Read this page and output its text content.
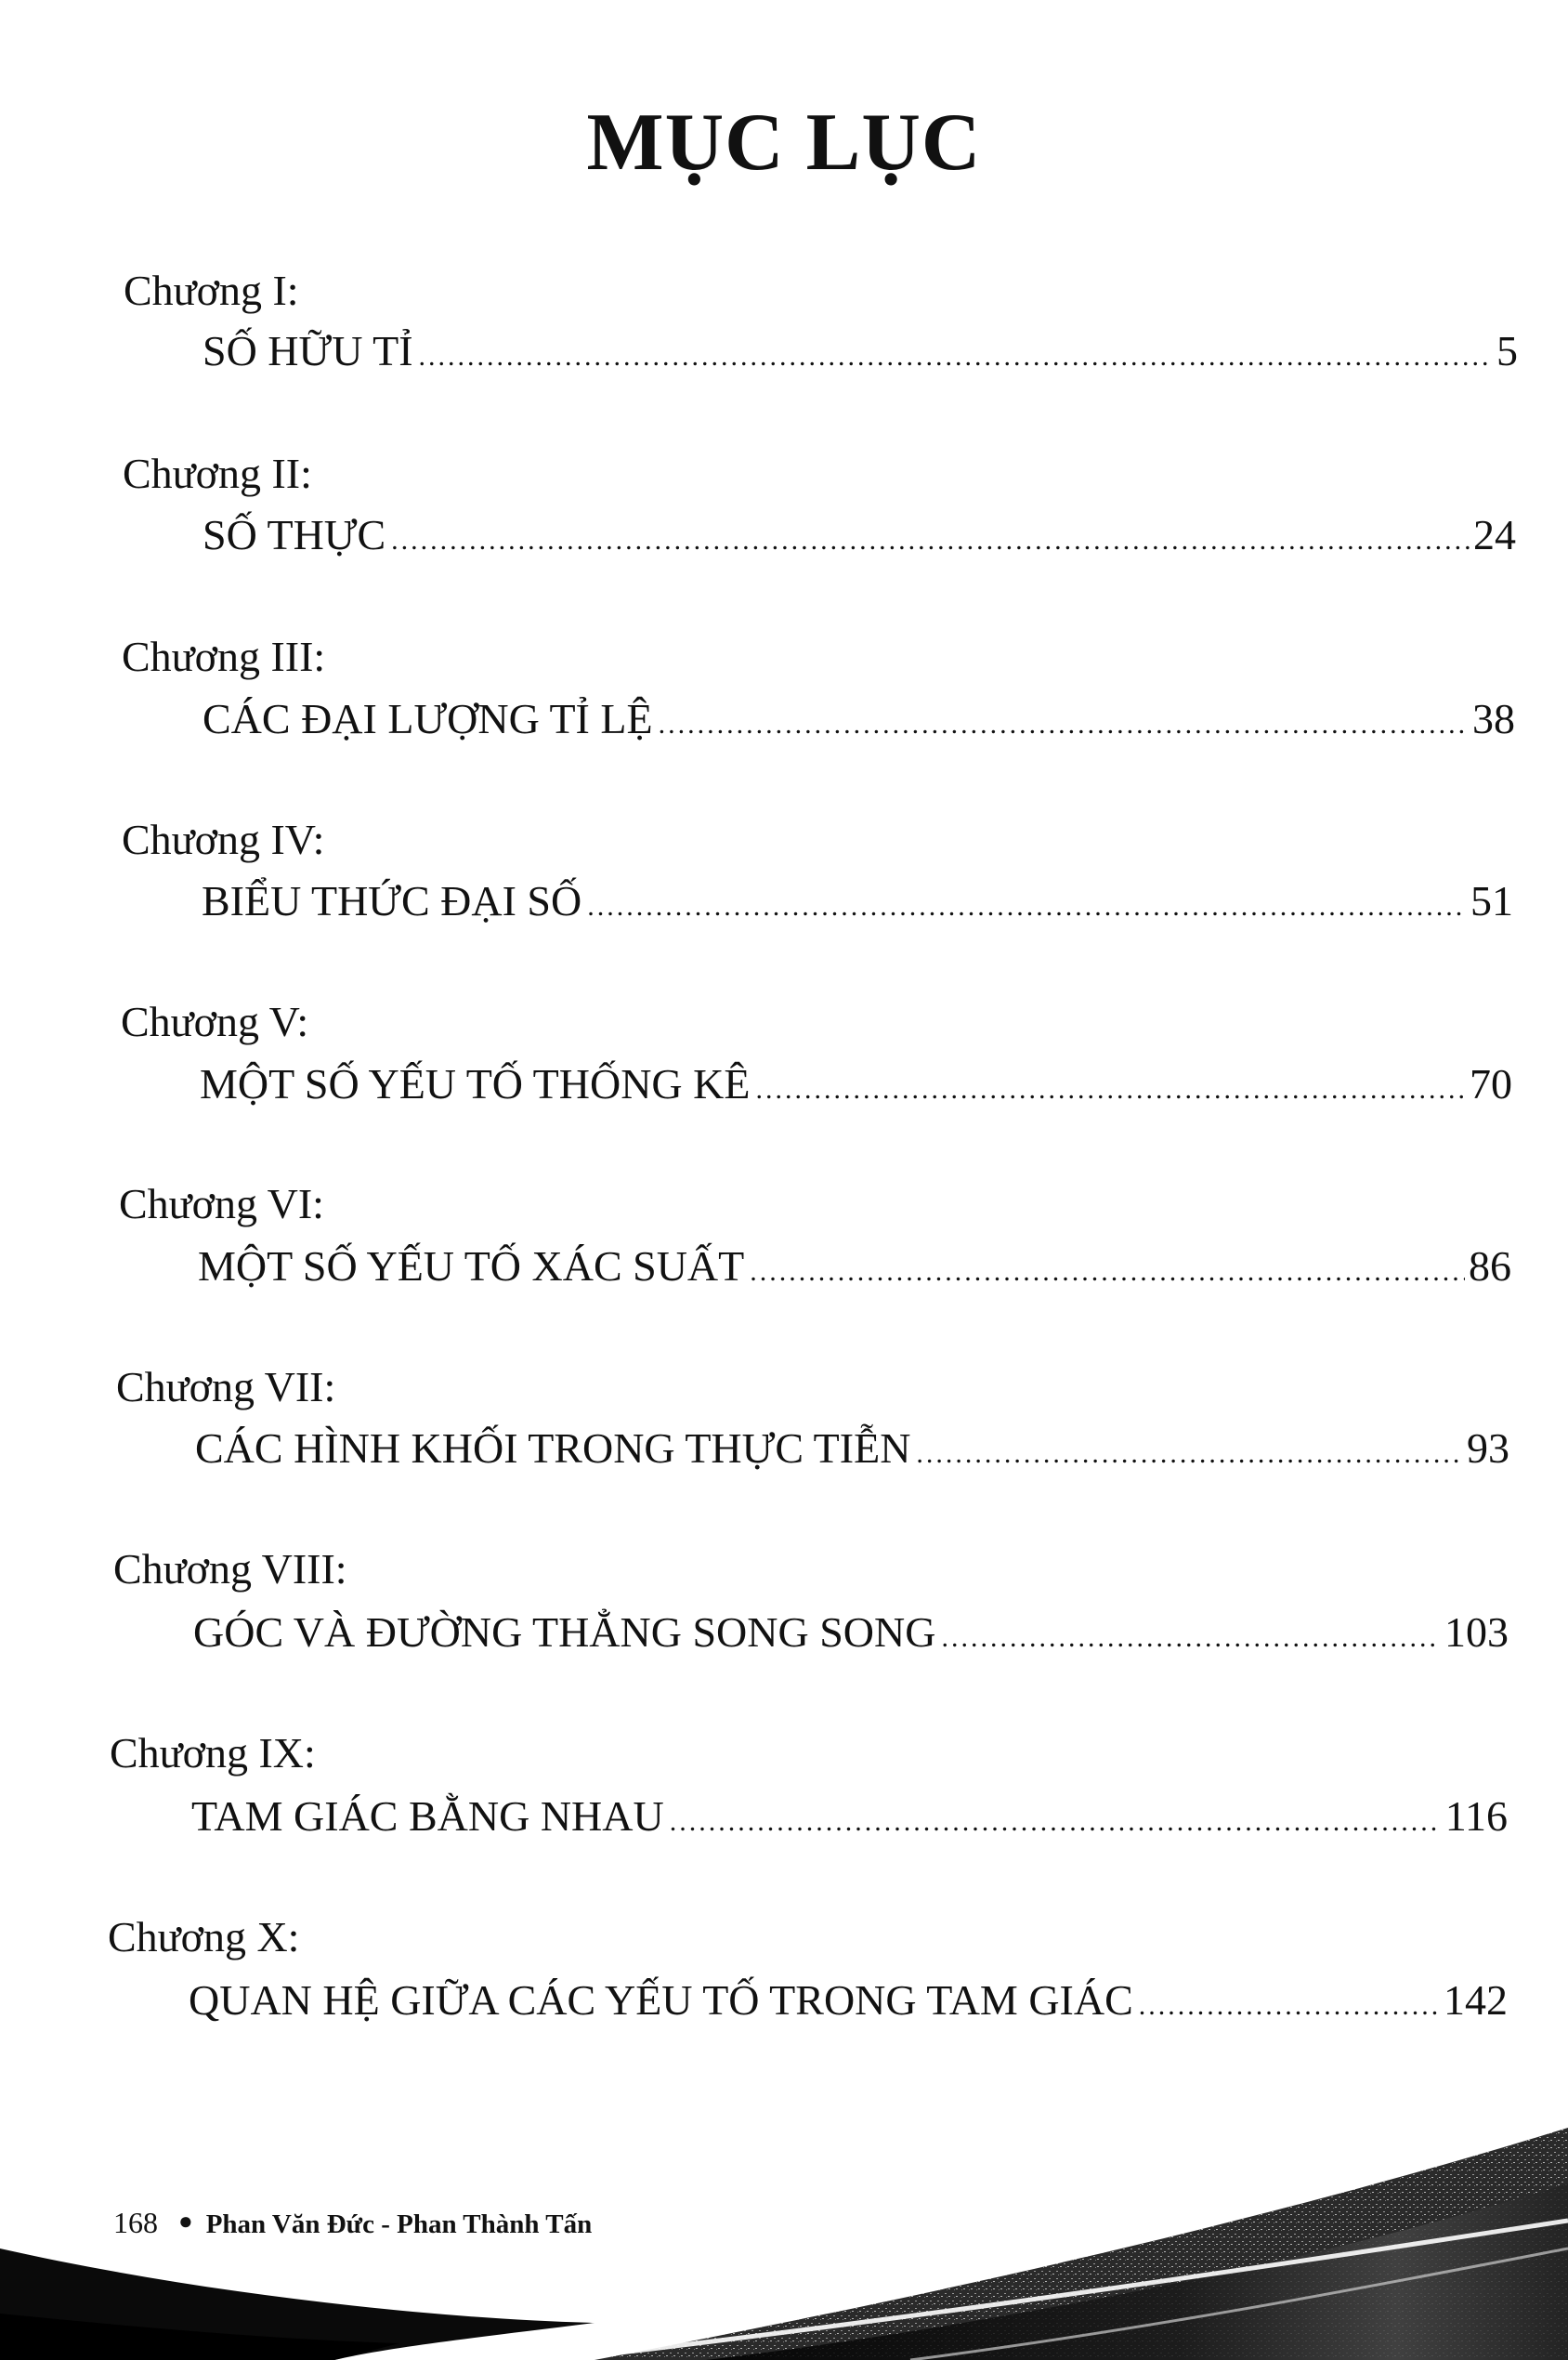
MỤC LỤC
Chương I:
SỐ HỮU TỈ .....	5
Chương II:
SỐ THỰC .....	24
Chương III:
CÁC ĐẠI LƯỢNG TỈ LỆ .....	38
Chương IV:
BIỂU THỨC ĐẠI SỐ .....	51
Chương V:
MỘT SỐ YẾU TỐ THỐNG KÊ .....	70
Chương VI:
MỘT SỐ YẾU TỐ XÁC SUẤT .....	86
Chương VII:
CÁC HÌNH KHỐI TRONG THỰC TIỄN .....	93
Chương VIII:
GÓC VÀ ĐƯỜNG THẲNG SONG SONG .....	103
Chương IX:
TAM GIÁC BẰNG NHAU .....	116
Chương X:
QUAN HỆ GIỮA CÁC YẾU TỐ TRONG TAM GIÁC .....	142
168 ● Phan Văn Đức - Phan Thành Tấn
